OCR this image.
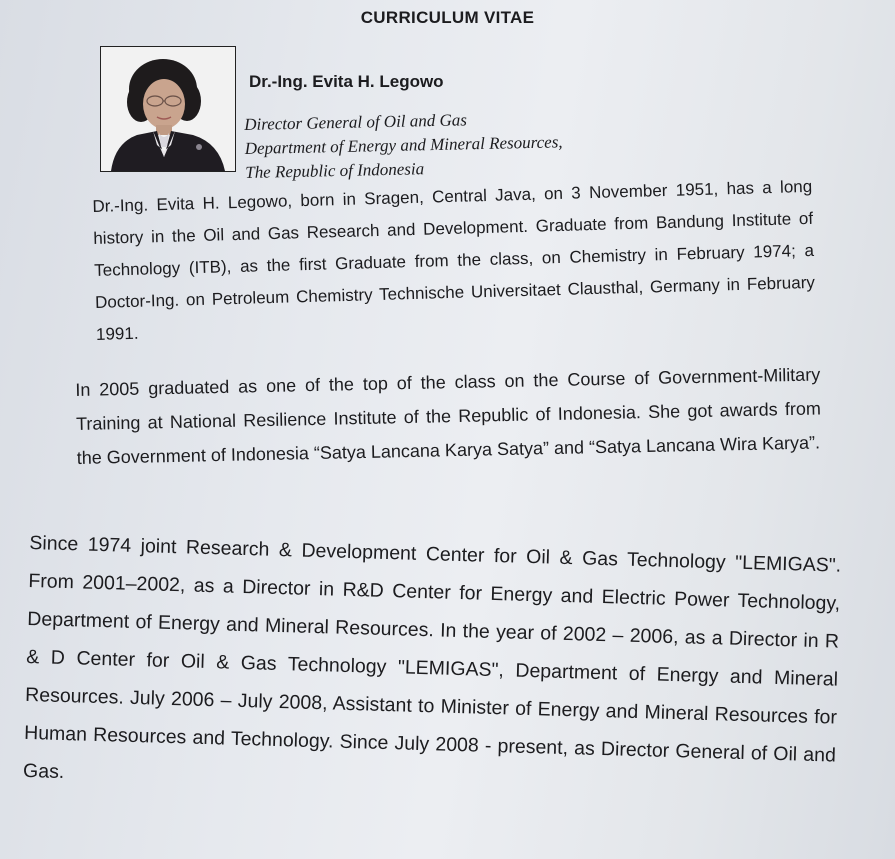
CURRICULUM VITAE
Dr.-Ing. Evita H. Legowo
Director General of Oil and Gas
Department of Energy and Mineral Resources,
The Republic of Indonesia
Dr.-Ing. Evita H. Legowo, born in Sragen, Central Java, on 3 November 1951, has a long history in the Oil and Gas Research and Development. Graduate from Bandung Institute of Technology (ITB), as the first Graduate from the class, on Chemistry in February 1974; a Doctor-Ing. on Petroleum Chemistry Technische Universitaet Clausthal, Germany in February 1991.
In 2005 graduated as one of the top of the class on the Course of Government-Military Training at National Resilience Institute of the Republic of Indonesia. She got awards from the Government of Indonesia “Satya Lancana Karya Satya” and “Satya Lancana Wira Karya”.
Since 1974 joint Research & Development Center for Oil & Gas Technology "LEMIGAS". From 2001–2002, as a Director in R&D Center for Energy and Electric Power Technology, Department of Energy and Mineral Resources. In the year of 2002 – 2006, as a Director in R & D Center for Oil & Gas Technology "LEMIGAS", Department of Energy and Mineral Resources. July 2006 – July 2008, Assistant to Minister of Energy and Mineral Resources for Human Resources and Technology. Since July 2008 - present, as Director General of Oil and Gas.
